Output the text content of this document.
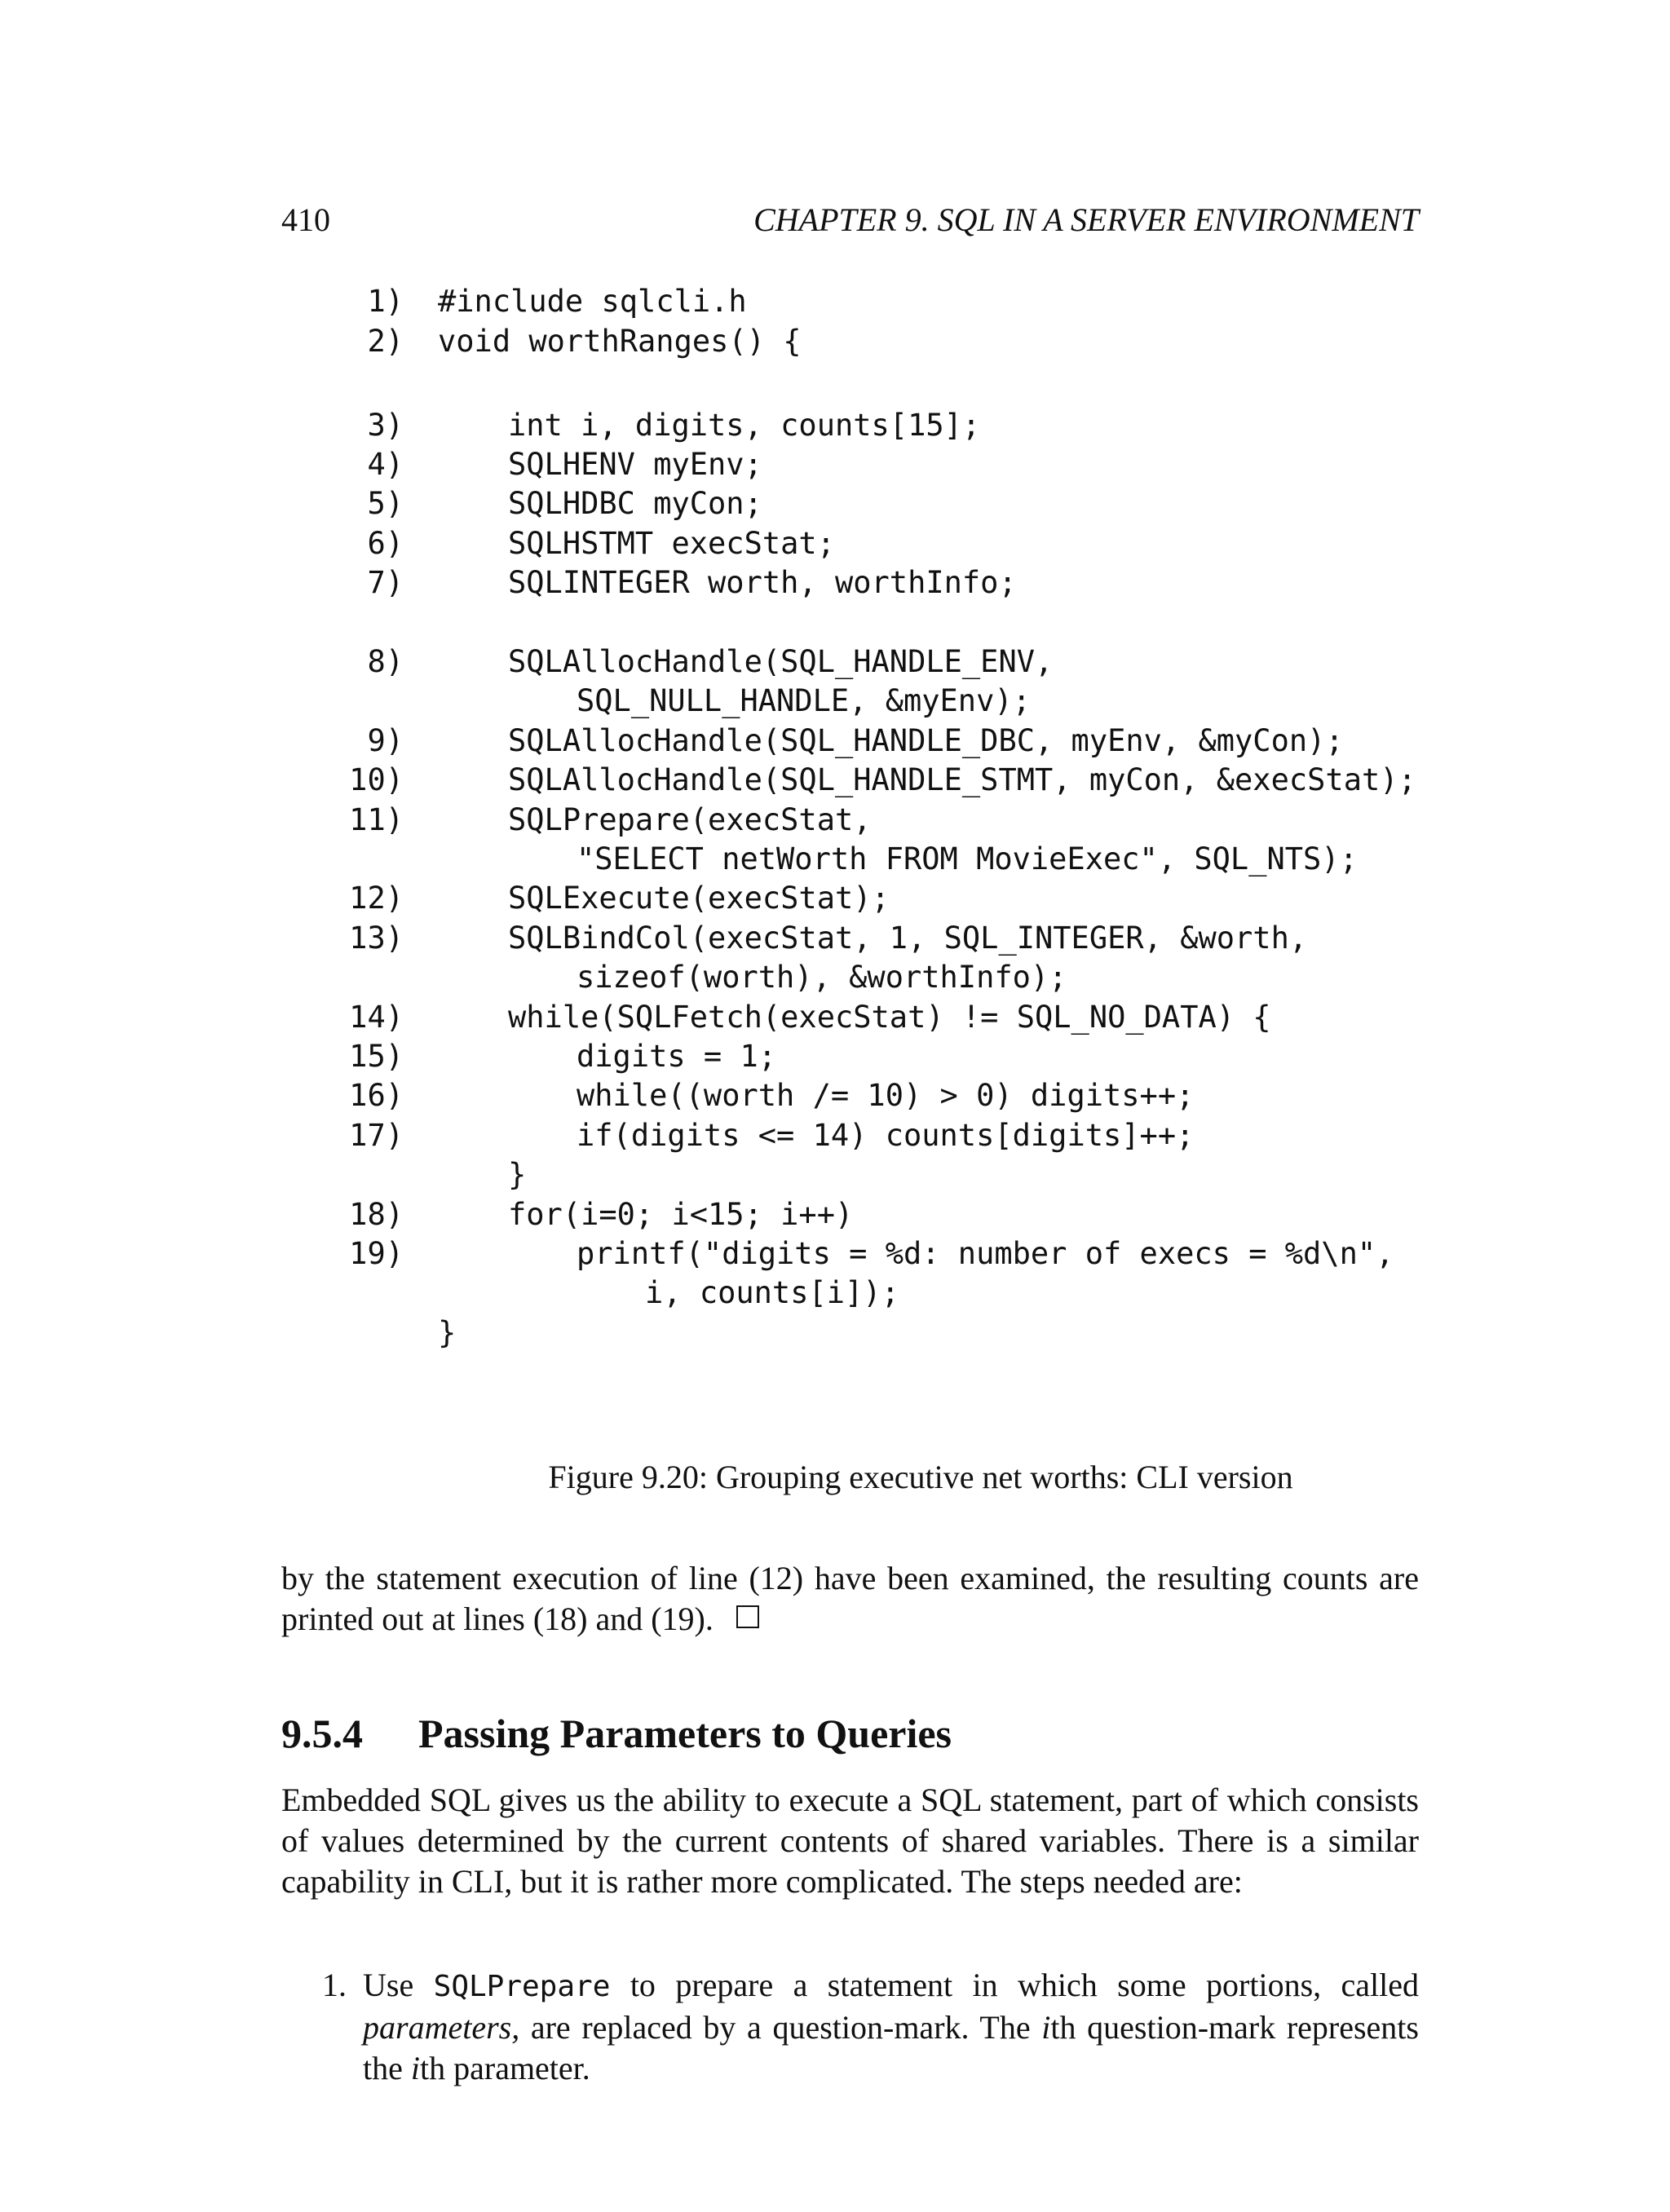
410	CHAPTER 9. SQL IN A SERVER ENVIRONMENT
1) #include sqlcli.h
2) void worthRanges() {
3)	int i, digits, counts[15];
4)	SQLHENV myEnv;
5)	SQLHDBC myCon;
6)	SQLHSTMT execStat;
7)	SQLINTEGER worth, worthInfo;
8)	SQLAllocHandle(SQL_HANDLE_ENV,
SQL_NULL_HANDLE, &myEnv);
9)	SQLAllocHandle(SQL_HANDLE_DBC, myEnv, &myCon);
10)	SQLAllocHandle(SQL_HANDLE_STMT, myCon, &execStat);
11)	SQLPrepare(execStat,
"SELECT netWorth FROM MovieExec", SQL_NTS);
12)	SQLExecute(execStat);
13)	SQLBindCol(execStat, 1, SQL_INTEGER, &worth,
sizeof(worth), &worthInfo);
14)	while(SQLFetch(execStat) != SQL_NO_DATA) {
15)	digits = 1;
16)	while((worth /= 10) > 0) digits++;
17)	if(digits <= 14) counts[digits]++;
}
18)	for(i=0; i<15; i++)
19)	printf("digits = %d: number of execs = %d\n",
i, counts[i]);
}
Figure 9.20: Grouping executive net worths: CLI version

by the statement execution of line (12) have been examined, the resulting counts are printed out at lines (18) and (19).

9.5.4 Passing Parameters to Queries

Embedded SQL gives us the ability to execute a SQL statement, part of which consists of values determined by the current contents of shared variables. There is a similar capability in CLI, but it is rather more complicated. The steps needed are:

1. Use SQLPrepare to prepare a statement in which some portions, called parameters, are replaced by a question-mark. The ith question-mark represents the ith parameter.
